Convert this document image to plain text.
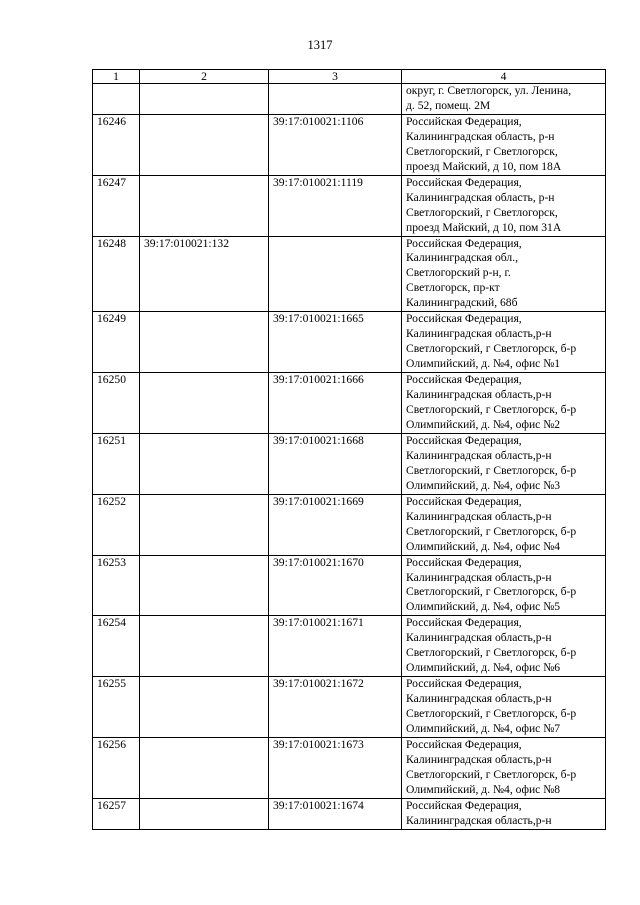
1317
1	2	3	4
			округ, г. Светлогорск, ул. Ленина,
д. 52, помещ. 2М
16246		39:17:010021:1106	Российская Федерация,
Калининградская область, р-н
Светлогорский, г Светлогорск,
проезд Майский, д 10, пом 18А
16247		39:17:010021:1119	Российская Федерация,
Калининградская область, р-н
Светлогорский, г Светлогорск,
проезд Майский, д 10, пом 31А
16248	39:17:010021:132		Российская Федерация,
Калининградская обл.,
Светлогорский р-н, г.
Светлогорск, пр-кт
Калининградский, 68б
16249		39:17:010021:1665	Российская Федерация,
Калининградская область,р-н
Светлогорский, г Светлогорск, б-р
Олимпийский, д. №4, офис №1
16250		39:17:010021:1666	Российская Федерация,
Калининградская область,р-н
Светлогорский, г Светлогорск, б-р
Олимпийский, д. №4, офис №2
16251		39:17:010021:1668	Российская Федерация,
Калининградская область,р-н
Светлогорский, г Светлогорск, б-р
Олимпийский, д. №4, офис №3
16252		39:17:010021:1669	Российская Федерация,
Калининградская область,р-н
Светлогорский, г Светлогорск, б-р
Олимпийский, д. №4, офис №4
16253		39:17:010021:1670	Российская Федерация,
Калининградская область,р-н
Светлогорский, г Светлогорск, б-р
Олимпийский, д. №4, офис №5
16254		39:17:010021:1671	Российская Федерация,
Калининградская область,р-н
Светлогорский, г Светлогорск, б-р
Олимпийский, д. №4, офис №6
16255		39:17:010021:1672	Российская Федерация,
Калининградская область,р-н
Светлогорский, г Светлогорск, б-р
Олимпийский, д. №4, офис №7
16256		39:17:010021:1673	Российская Федерация,
Калининградская область,р-н
Светлогорский, г Светлогорск, б-р
Олимпийский, д. №4, офис №8
16257		39:17:010021:1674	Российская Федерация,
Калининградская область,р-н
